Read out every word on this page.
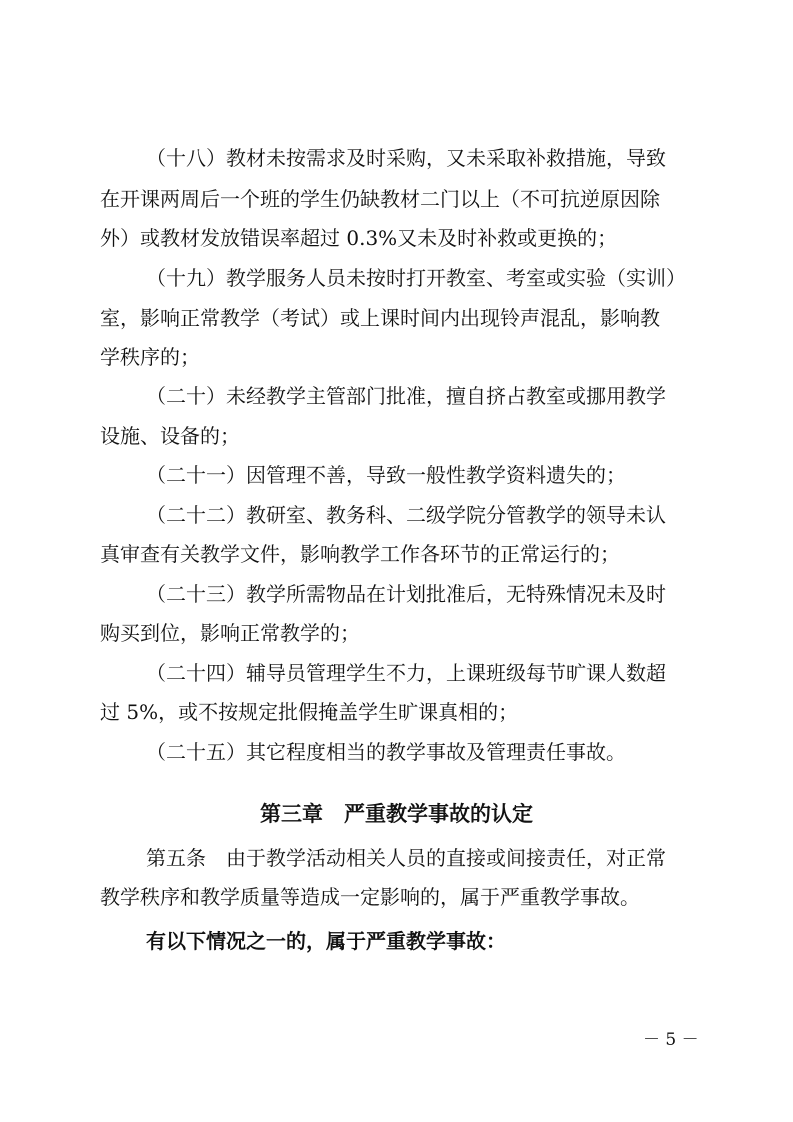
（十八）教材未按需求及时采购，又未采取补救措施，导致
在开课两周后一个班的学生仍缺教材二门以上（不可抗逆原因除
外）或教材发放错误率超过 0.3%又未及时补救或更换的；
（十九）教学服务人员未按时打开教室、考室或实验（实训）
室，影响正常教学（考试）或上课时间内出现铃声混乱，影响教
学秩序的；
（二十）未经教学主管部门批准，擅自挤占教室或挪用教学
设施、设备的；
（二十一）因管理不善，导致一般性教学资料遗失的；
（二十二）教研室、教务科、二级学院分管教学的领导未认
真审查有关教学文件，影响教学工作各环节的正常运行的；
（二十三）教学所需物品在计划批准后，无特殊情况未及时
购买到位，影响正常教学的；
（二十四）辅导员管理学生不力，上课班级每节旷课人数超
过 5%，或不按规定批假掩盖学生旷课真相的；
（二十五）其它程度相当的教学事故及管理责任事故。
第三章　严重教学事故的认定
第五条　由于教学活动相关人员的直接或间接责任，对正常
教学秩序和教学质量等造成一定影响的，属于严重教学事故。
有以下情况之一的，属于严重教学事故：
－ 5 －
